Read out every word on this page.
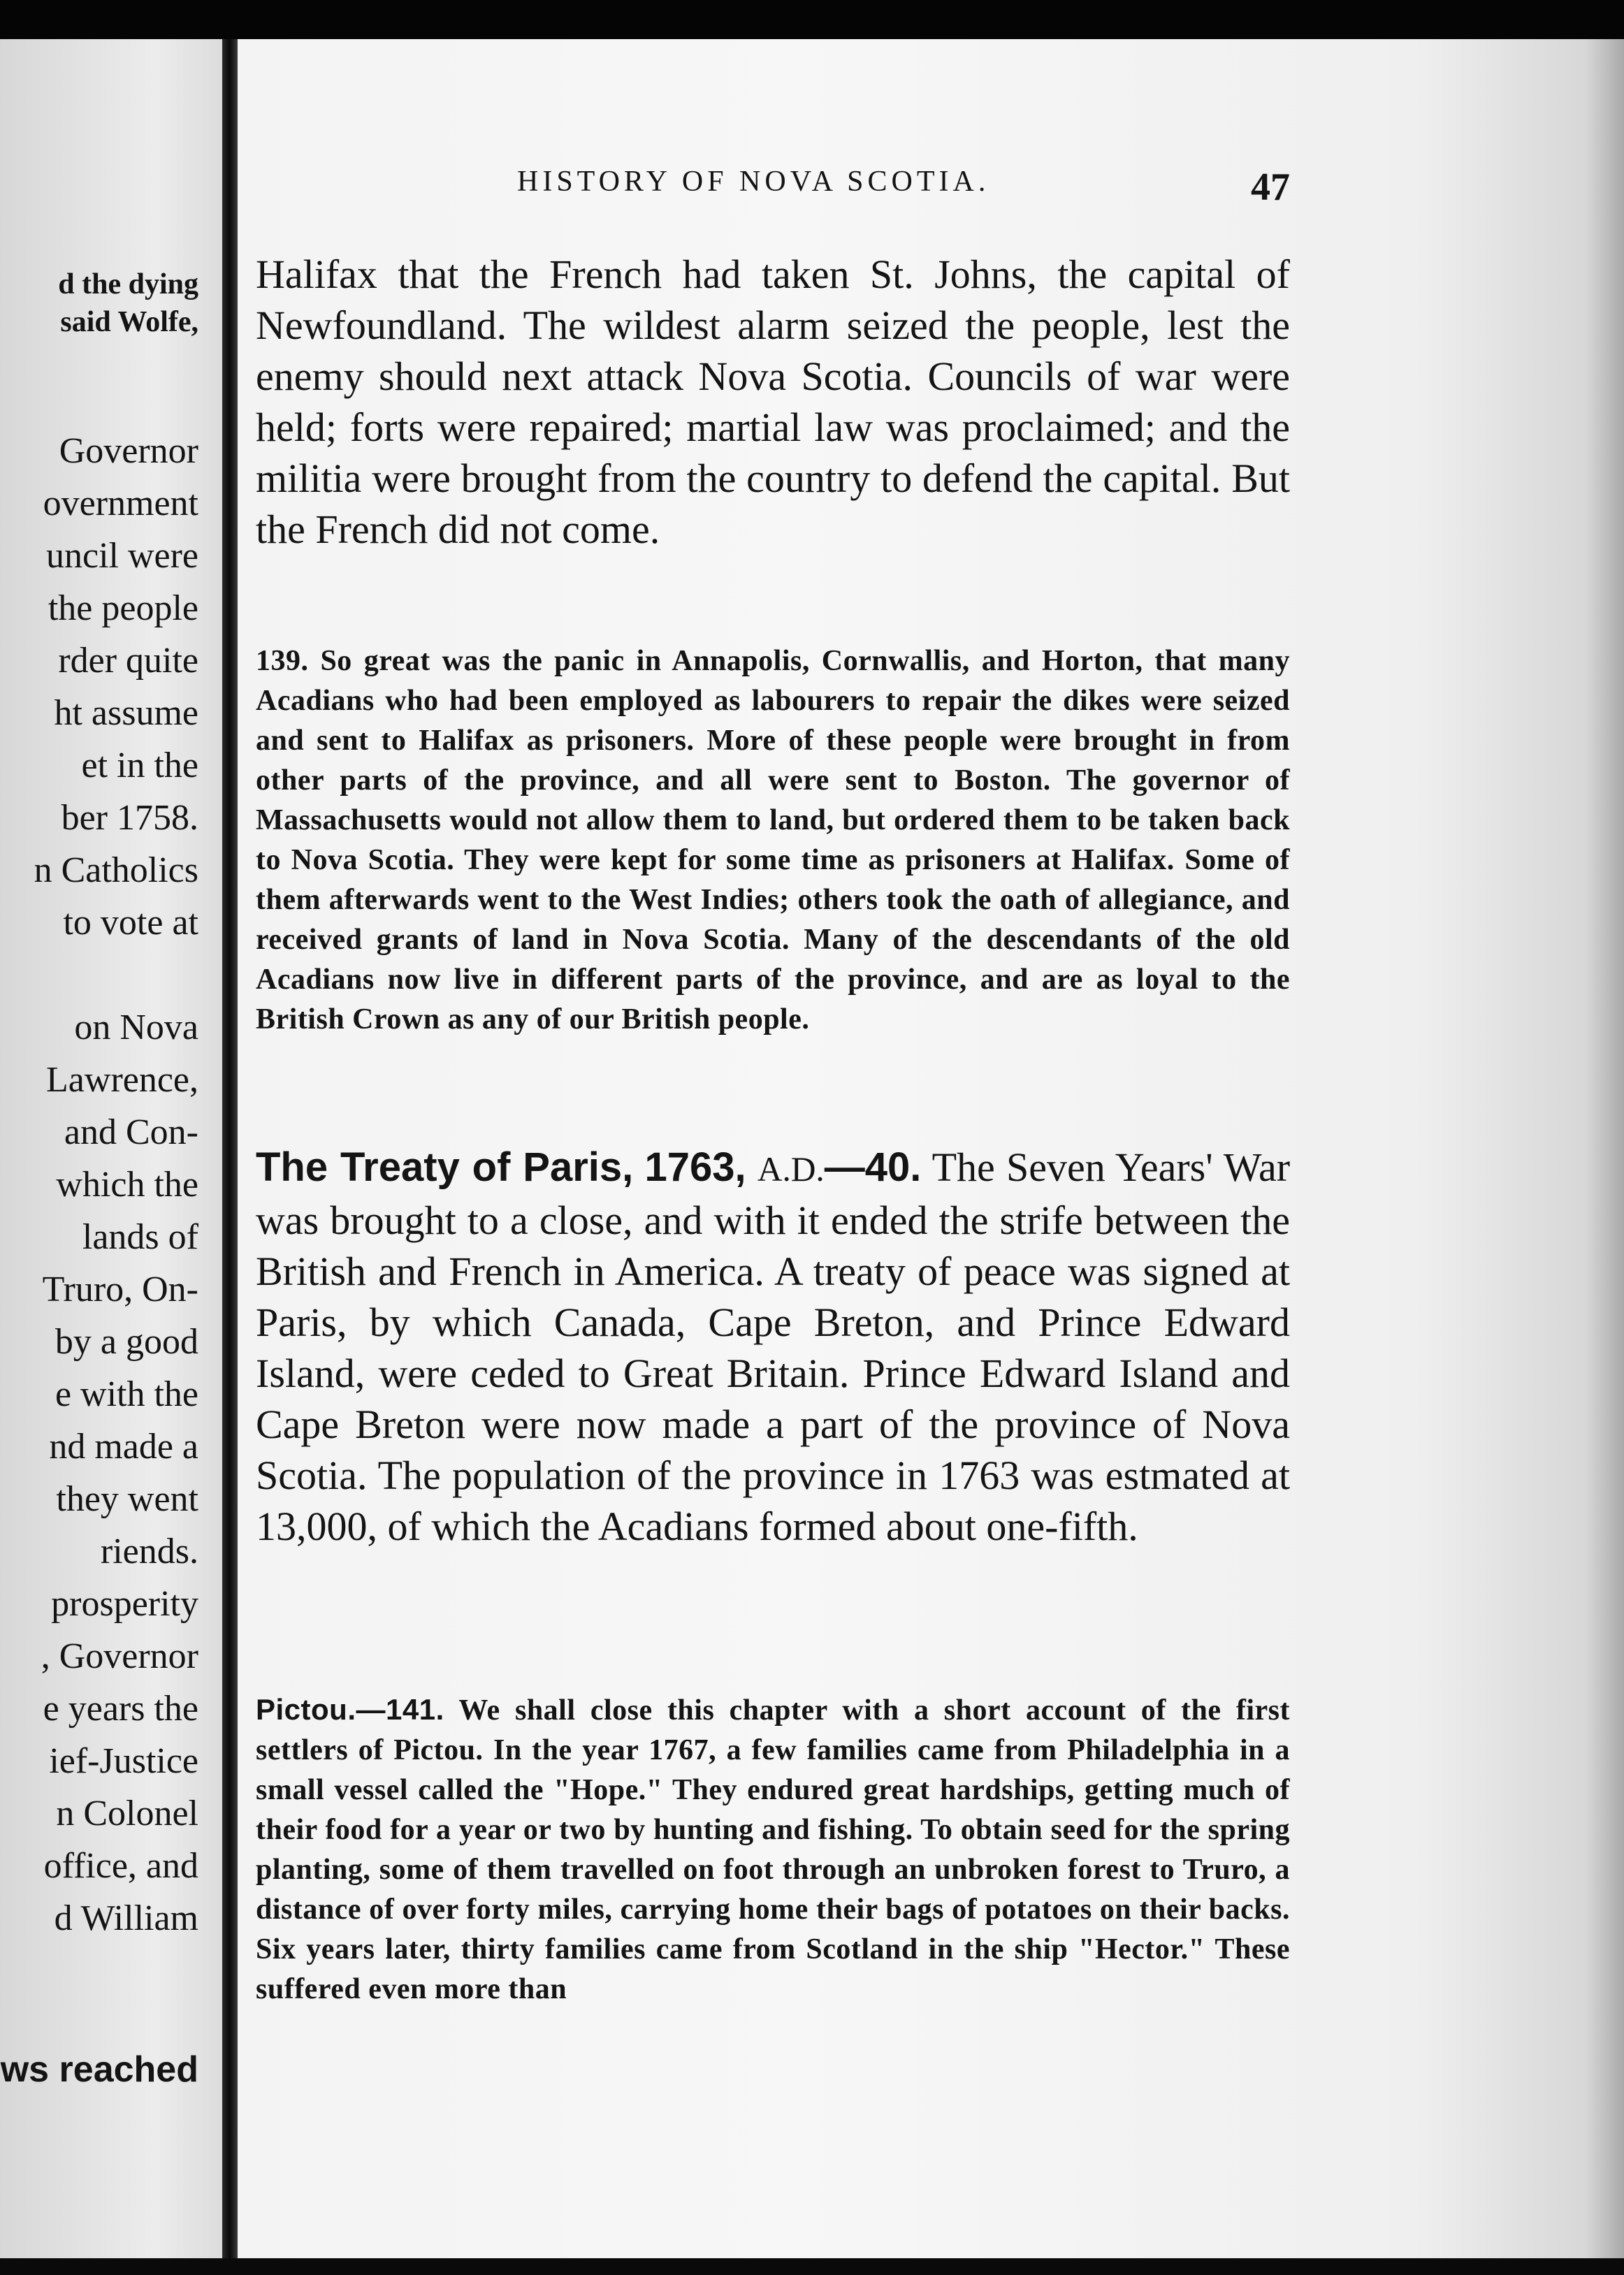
d the dying
said Wolfe,
Governor
overnment
uncil were
the people
rder quite
ht assume
et in the
ber 1758.
n Catholics
to vote at
on Nova
Lawrence,
and Con-
which the
lands of
Truro, On-
by a good
e with the
nd made a
they went
riends.
prosperity
, Governor
e years the
ief-Justice
n Colonel
office, and
d William
ws reached
HISTORY OF NOVA SCOTIA.	47

Halifax that the French had taken St. Johns, the capital of Newfoundland. The wildest alarm seized the people, lest the enemy should next attack Nova Scotia. Councils of war were held; forts were repaired; martial law was proclaimed; and the militia were brought from the country to defend the capital. But the French did not come.

139. So great was the panic in Annapolis, Cornwallis, and Horton, that many Acadians who had been employed as labourers to repair the dikes were seized and sent to Halifax as prisoners. More of these people were brought in from other parts of the province, and all were sent to Boston. The governor of Massachusetts would not allow them to land, but ordered them to be taken back to Nova Scotia. They were kept for some time as prisoners at Halifax. Some of them afterwards went to the West Indies; others took the oath of allegiance, and received grants of land in Nova Scotia. Many of the descendants of the old Acadians now live in different parts of the province, and are as loyal to the British Crown as any of our British people.

The Treaty of Paris, 1763, A.D.—40. The Seven Years' War was brought to a close, and with it ended the strife between the British and French in America. A treaty of peace was signed at Paris, by which Canada, Cape Breton, and Prince Edward Island, were ceded to Great Britain. Prince Edward Island and Cape Breton were now made a part of the province of Nova Scotia. The population of the province in 1763 was estmated at 13,000, of which the Acadians formed about one-fifth.

Pictou.—141. We shall close this chapter with a short account of the first settlers of Pictou. In the year 1767, a few families came from Philadelphia in a small vessel called the "Hope." They endured great hardships, getting much of their food for a year or two by hunting and fishing. To obtain seed for the spring planting, some of them travelled on foot through an unbroken forest to Truro, a distance of over forty miles, carrying home their bags of potatoes on their backs. Six years later, thirty families came from Scotland in the ship "Hector." These suffered even more than
